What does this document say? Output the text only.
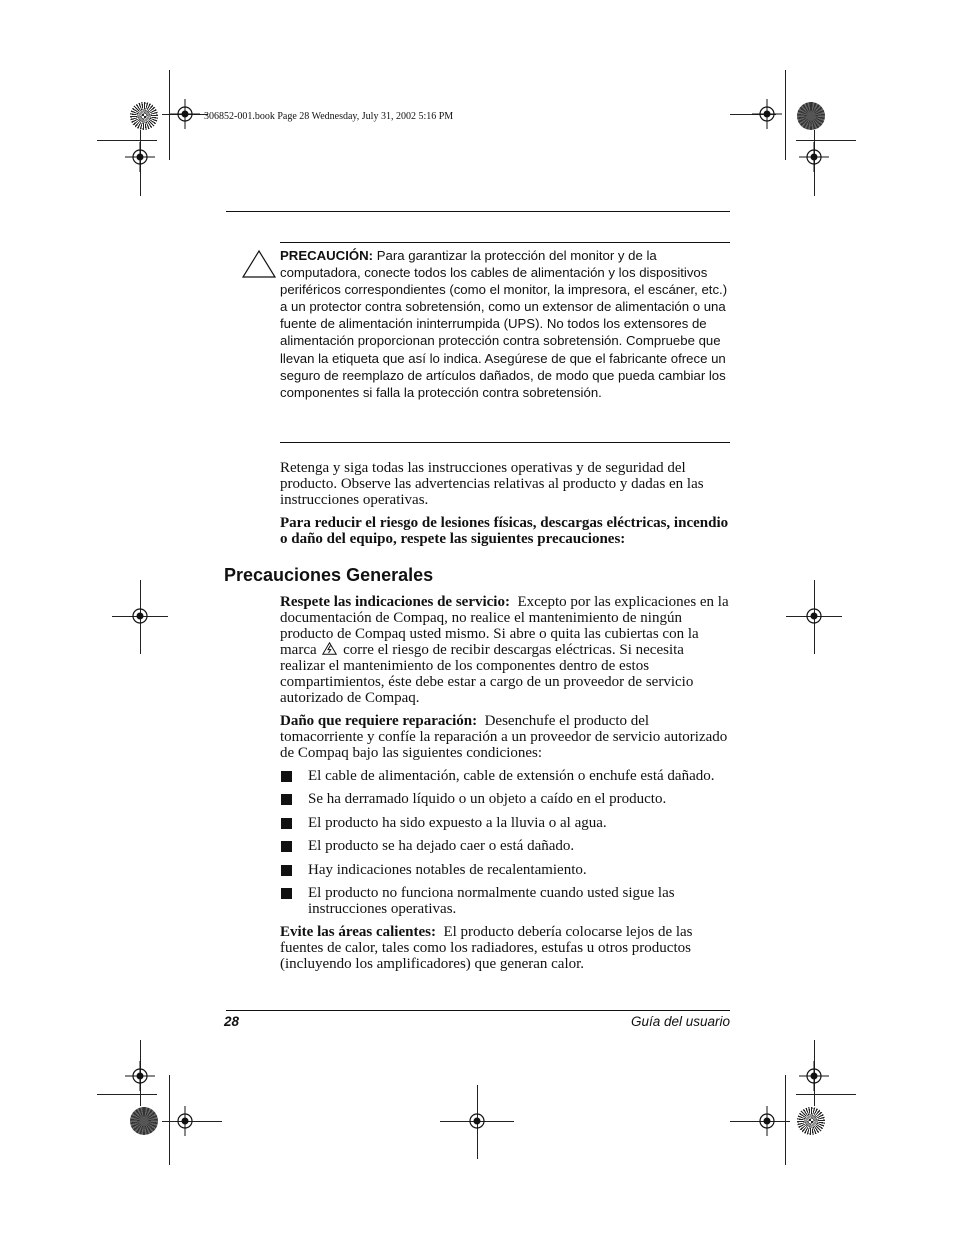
306852-001.book Page 28 Wednesday, July 31, 2002 5:16 PM
PRECAUCIÓN: Para garantizar la protección del monitor y de la computadora, conecte todos los cables de alimentación y los dispositivos periféricos correspondientes (como el monitor, la impresora, el escáner, etc.) a un protector contra sobretensión, como un extensor de alimentación o una fuente de alimentación ininterrumpida (UPS). No todos los extensores de alimentación proporcionan protección contra sobretensión. Compruebe que llevan la etiqueta que así lo indica. Asegúrese de que el fabricante ofrece un seguro de reemplazo de artículos dañados, de modo que pueda cambiar los componentes si falla la protección contra sobretensión.

Retenga y siga todas las instrucciones operativas y de seguridad del producto. Observe las advertencias relativas al producto y dadas en las instrucciones operativas.

Para reducir el riesgo de lesiones físicas, descargas eléctricas, incendio o daño del equipo, respete las siguientes precauciones:

Precauciones Generales

Respete las indicaciones de servicio: Excepto por las explicaciones en la documentación de Compaq, no realice el mantenimiento de ningún producto de Compaq usted mismo. Si abre o quita las cubiertas con la marca corre el riesgo de recibir descargas eléctricas. Si necesita realizar el mantenimiento de los componentes dentro de estos compartimientos, éste debe estar a cargo de un proveedor de servicio autorizado de Compaq.

Daño que requiere reparación: Desenchufe el producto del tomacorriente y confíe la reparación a un proveedor de servicio autorizado de Compaq bajo las siguientes condiciones:

El cable de alimentación, cable de extensión o enchufe está dañado.
Se ha derramado líquido o un objeto a caído en el producto.
El producto ha sido expuesto a la lluvia o al agua.
El producto se ha dejado caer o está dañado.
Hay indicaciones notables de recalentamiento.
El producto no funciona normalmente cuando usted sigue las instrucciones operativas.

Evite las áreas calientes: El producto debería colocarse lejos de las fuentes de calor, tales como los radiadores, estufas u otros productos (incluyendo los amplificadores) que generan calor.

28	Guía del usuario
